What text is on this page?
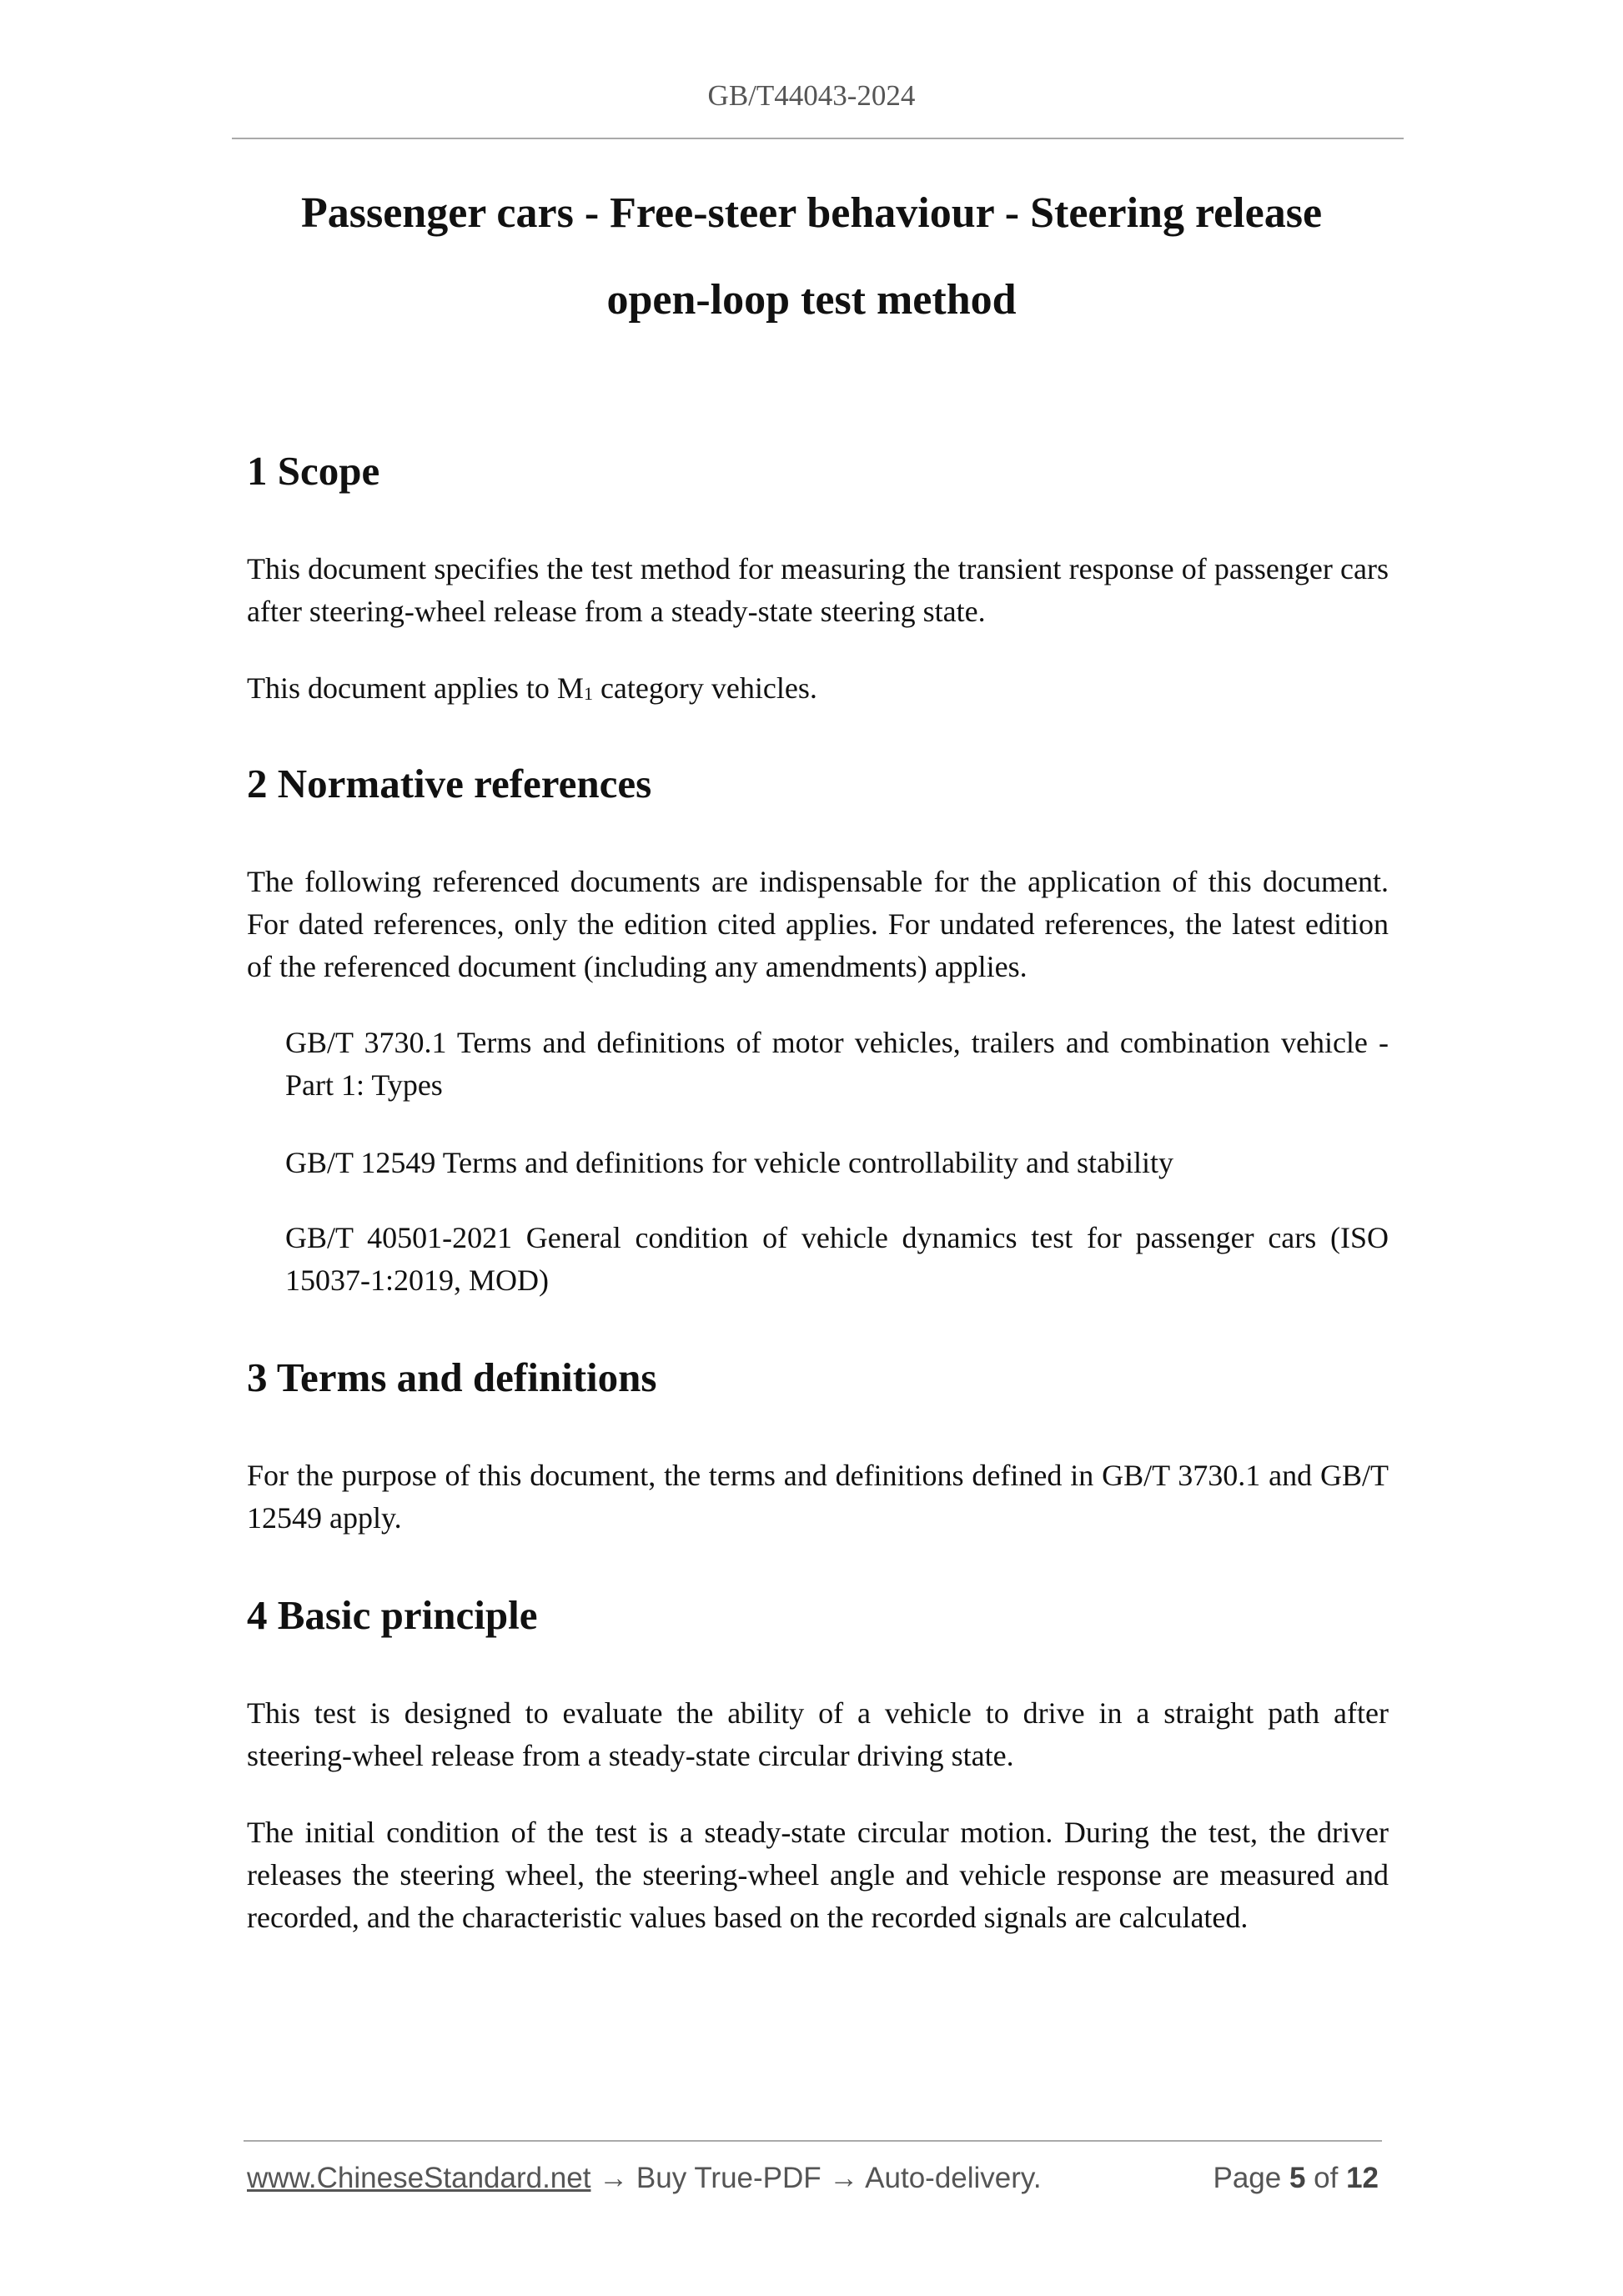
GB/T44043-2024
Passenger cars - Free-steer behaviour - Steering release
open-loop test method
1 Scope
This document specifies the test method for measuring the transient response of passenger cars after steering-wheel release from a steady-state steering state.
This document applies to $M_1$ category vehicles.
2 Normative references
The following referenced documents are indispensable for the application of this document. For dated references, only the edition cited applies. For undated references, the latest edition of the referenced document (including any amendments) applies.
GB/T 3730.1 Terms and definitions of motor vehicles, trailers and combination vehicle - Part 1: Types
GB/T 12549 Terms and definitions for vehicle controllability and stability
GB/T 40501-2021 General condition of vehicle dynamics test for passenger cars (ISO 15037-1:2019, MOD)
3 Terms and definitions
For the purpose of this document, the terms and definitions defined in GB/T 3730.1 and GB/T 12549 apply.
4 Basic principle
This test is designed to evaluate the ability of a vehicle to drive in a straight path after steering-wheel release from a steady-state circular driving state.
The initial condition of the test is a steady-state circular motion. During the test, the driver releases the steering wheel, the steering-wheel angle and vehicle response are measured and recorded, and the characteristic values based on the recorded signals are calculated.
www.ChineseStandard.net → Buy True-PDF → Auto-delivery.	Page 5 of 12
